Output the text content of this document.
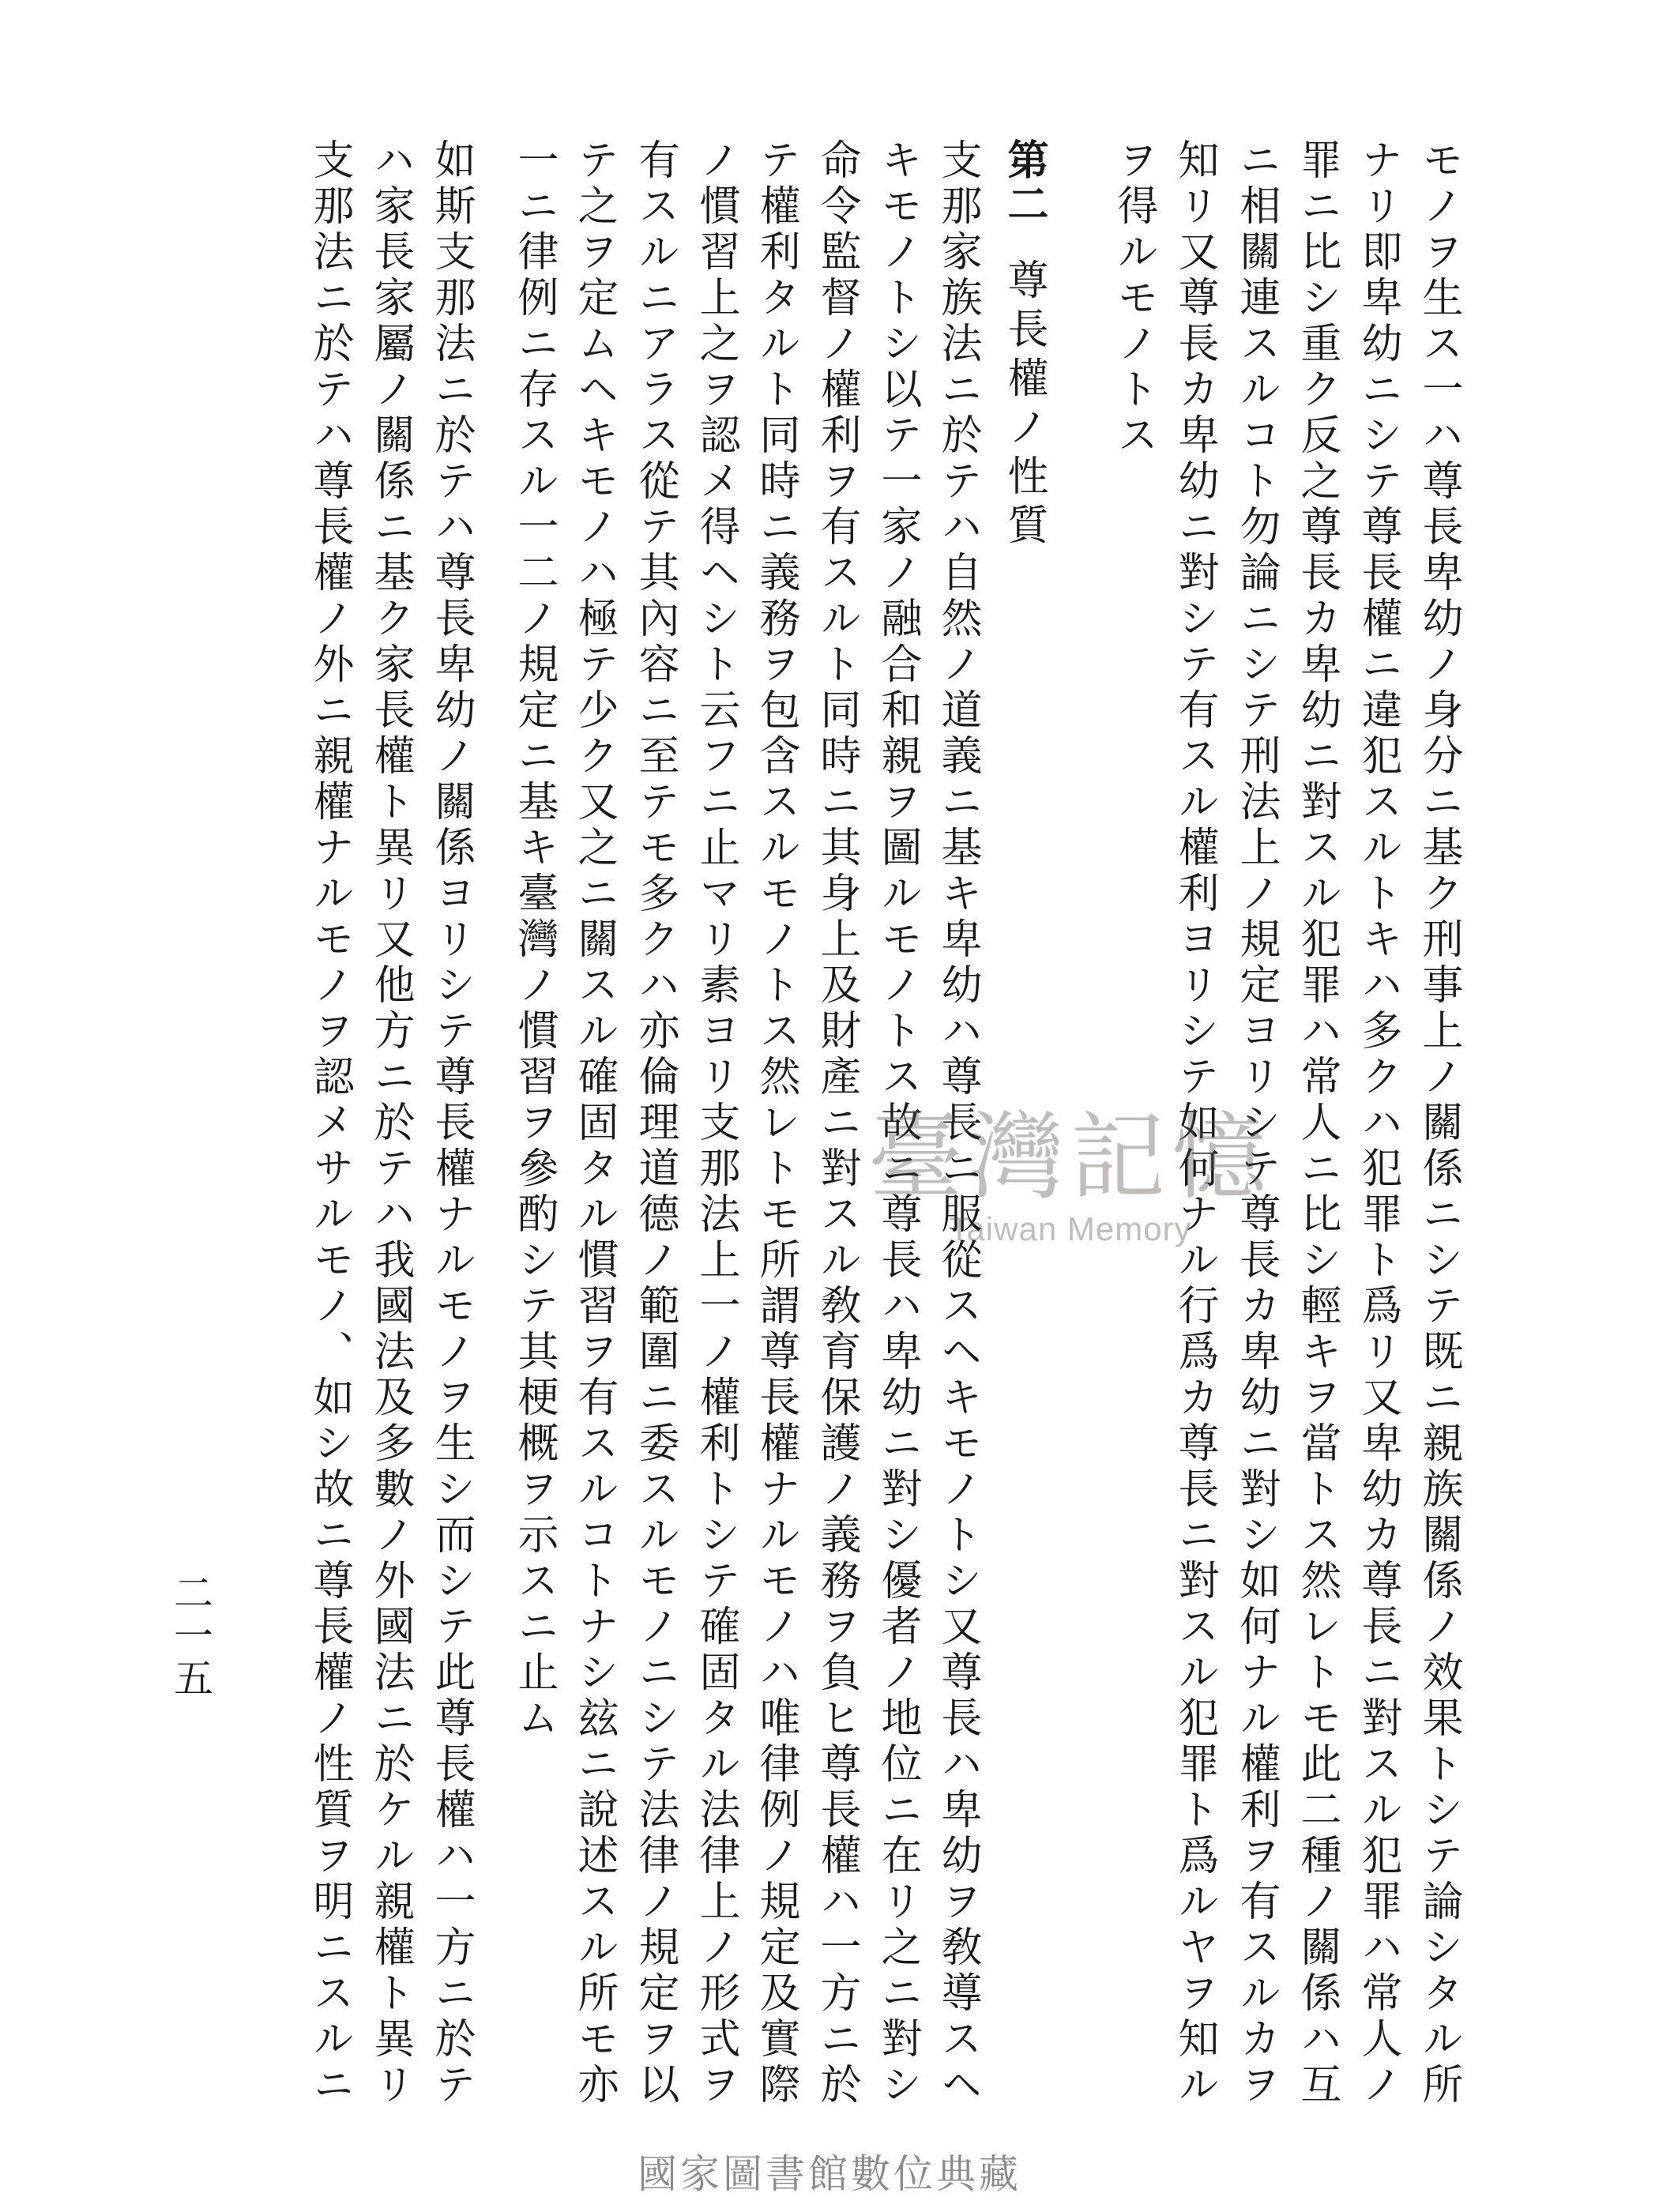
モノヲ生ス一ハ尊長卑幼ノ身分ニ基ク刑事上ノ關係ニシテ既ニ親族關係ノ效果トシテ論シタル所
ナリ即卑幼ニシテ尊長權ニ違犯スルトキハ多クハ犯罪ト爲リ又卑幼カ尊長ニ對スル犯罪ハ常人ノ
罪ニ比シ重ク反之尊長カ卑幼ニ對スル犯罪ハ常人ニ比シ輕キヲ當トス然レトモ此二種ノ關係ハ互
ニ相關連スルコト勿論ニシテ刑法上ノ規定ヨリシテ尊長カ卑幼ニ對シ如何ナル權利ヲ有スルカヲ
知リ又尊長カ卑幼ニ對シテ有スル權利ヨリシテ如何ナル行爲カ尊長ニ對スル犯罪ト爲ルヤヲ知ル
ヲ得ルモノトス
第二尊長權ノ性質
支那家族法ニ於テハ自然ノ道義ニ基キ卑幼ハ尊長ニ服從スヘキモノトシ又尊長ハ卑幼ヲ敎導スヘ
キモノトシ以テ一家ノ融合和親ヲ圖ルモノトス故ニ尊長ハ卑幼ニ對シ優者ノ地位ニ在リ之ニ對シ
命令監督ノ權利ヲ有スルト同時ニ其身上及財產ニ對スル敎育保護ノ義務ヲ負ヒ尊長權ハ一方ニ於
テ權利タルト同時ニ義務ヲ包含スルモノトス然レトモ所謂尊長權ナルモノハ唯律例ノ規定及實際
ノ慣習上之ヲ認メ得ヘシト云フニ止マリ素ヨリ支那法上一ノ權利トシテ確固タル法律上ノ形式ヲ
有スルニアラス從テ其內容ニ至テモ多クハ亦倫理道德ノ範圍ニ委スルモノニシテ法律ノ規定ヲ以
テ之ヲ定ムヘキモノハ極テ少ク又之ニ關スル確固タル慣習ヲ有スルコトナシ玆ニ說述スル所モ亦
一ニ律例ニ存スル一二ノ規定ニ基キ臺灣ノ慣習ヲ參酌シテ其梗概ヲ示スニ止ム
如斯支那法ニ於テハ尊長卑幼ノ關係ヨリシテ尊長權ナルモノヲ生シ而シテ此尊長權ハ一方ニ於テ
ハ家長家屬ノ關係ニ基ク家長權ト異リ又他方ニ於テハ我國法及多數ノ外國法ニ於ケル親權ト異リ
支那法ニ於テハ尊長權ノ外ニ親權ナルモノヲ認メサルモノ、如シ故ニ尊長權ノ性質ヲ明ニスルニ
二一五
臺灣記憶
Taiwan Memory
國家圖書館數位典藏
